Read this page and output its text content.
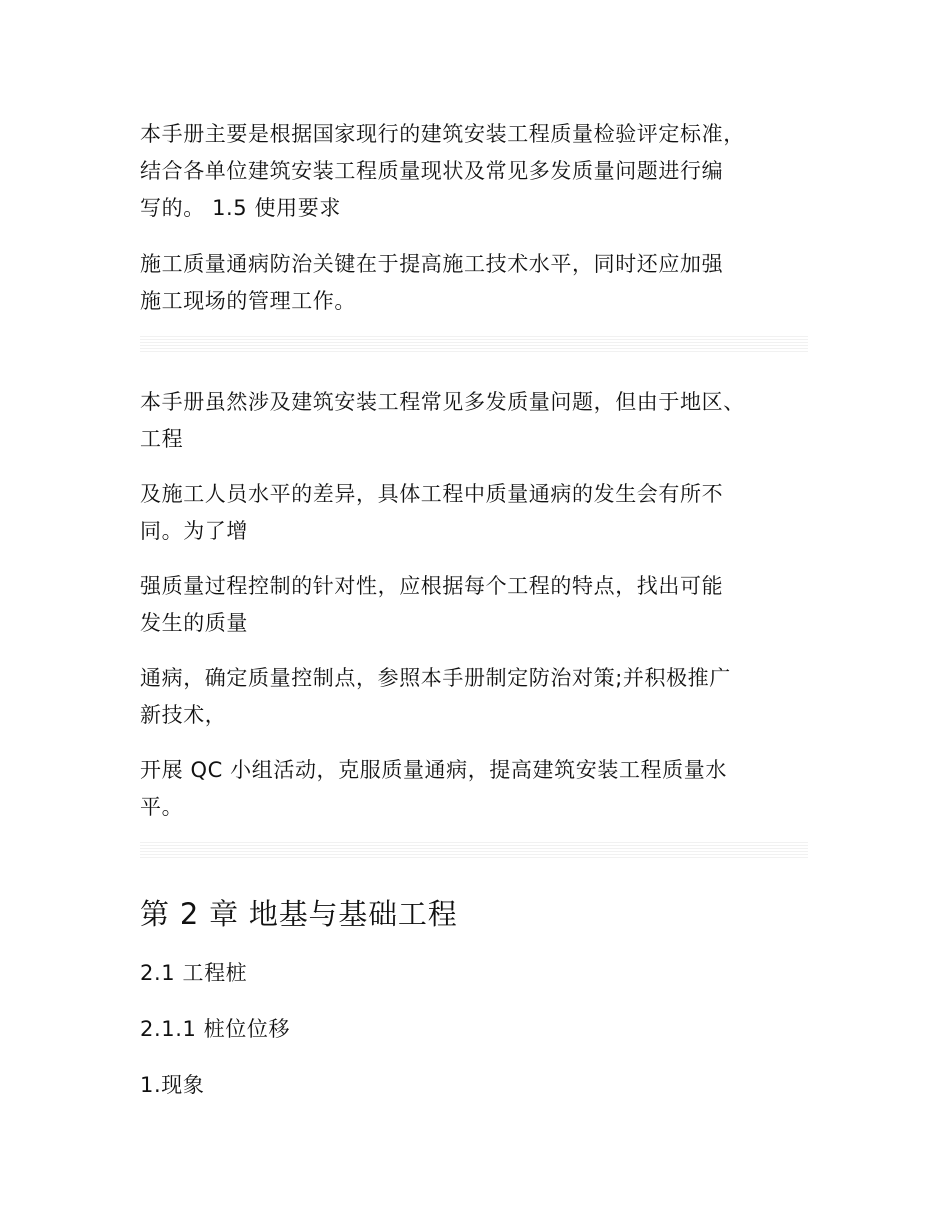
本手册主要是根据国家现行的建筑安装工程质量检验评定标准，
结合各单位建筑安装工程质量现状及常见多发质量问题进行编
写的。 1.5 使用要求
施工质量通病防治关键在于提高施工技术水平，同时还应加强
施工现场的管理工作。
本手册虽然涉及建筑安装工程常见多发质量问题，但由于地区、
工程
及施工人员水平的差异，具体工程中质量通病的发生会有所不
同。为了增
强质量过程控制的针对性，应根据每个工程的特点，找出可能
发生的质量
通病，确定质量控制点，参照本手册制定防治对策;并积极推广
新技术，
开展 QC 小组活动，克服质量通病，提高建筑安装工程质量水
平。
第 2 章 地基与基础工程
2.1 工程桩
2.1.1 桩位位移
1.现象
